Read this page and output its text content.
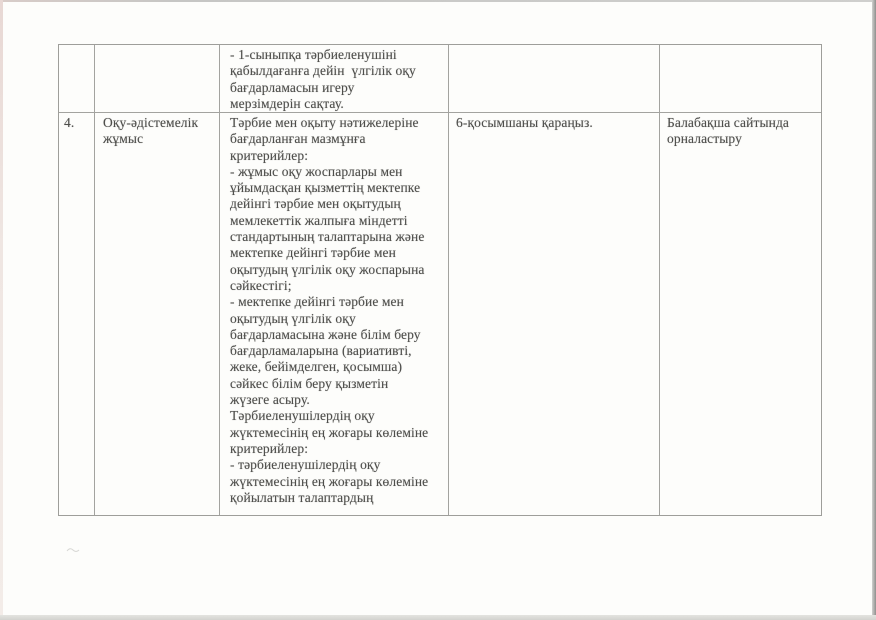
- 1-сыныпқа тәрбиеленушіні
қабылдағанға дейін  үлгілік оқу
бағдарламасын игеру
мерзімдерін сақтау.
4.	Оқу-әдістемелік
жұмыс
Тәрбие мен оқыту нәтижелеріне
бағдарланған мазмұнға
критерийлер:
- жұмыс оқу жоспарлары мен
ұйымдасқан қызметтің мектепке
дейінгі тәрбие мен оқытудың
мемлекеттік жалпыға міндетті
стандартының талаптарына және
мектепке дейінгі тәрбие мен
оқытудың үлгілік оқу жоспарына
сәйкестігі;
- мектепке дейінгі тәрбие мен
оқытудың үлгілік оқу
бағдарламасына және білім беру
бағдарламаларына (вариативті,
жеке, бейімделген, қосымша)
сәйкес білім беру қызметін
жүзеге асыру.
Тәрбиеленушілердің оқу
жүктемесінің ең жоғары көлеміне
критерийлер:
- тәрбиеленушілердің оқу
жүктемесінің ең жоғары көлеміне
қойылатын талаптардың
6-қосымшаны қараңыз.	Балабақша сайтында
орналастыру
